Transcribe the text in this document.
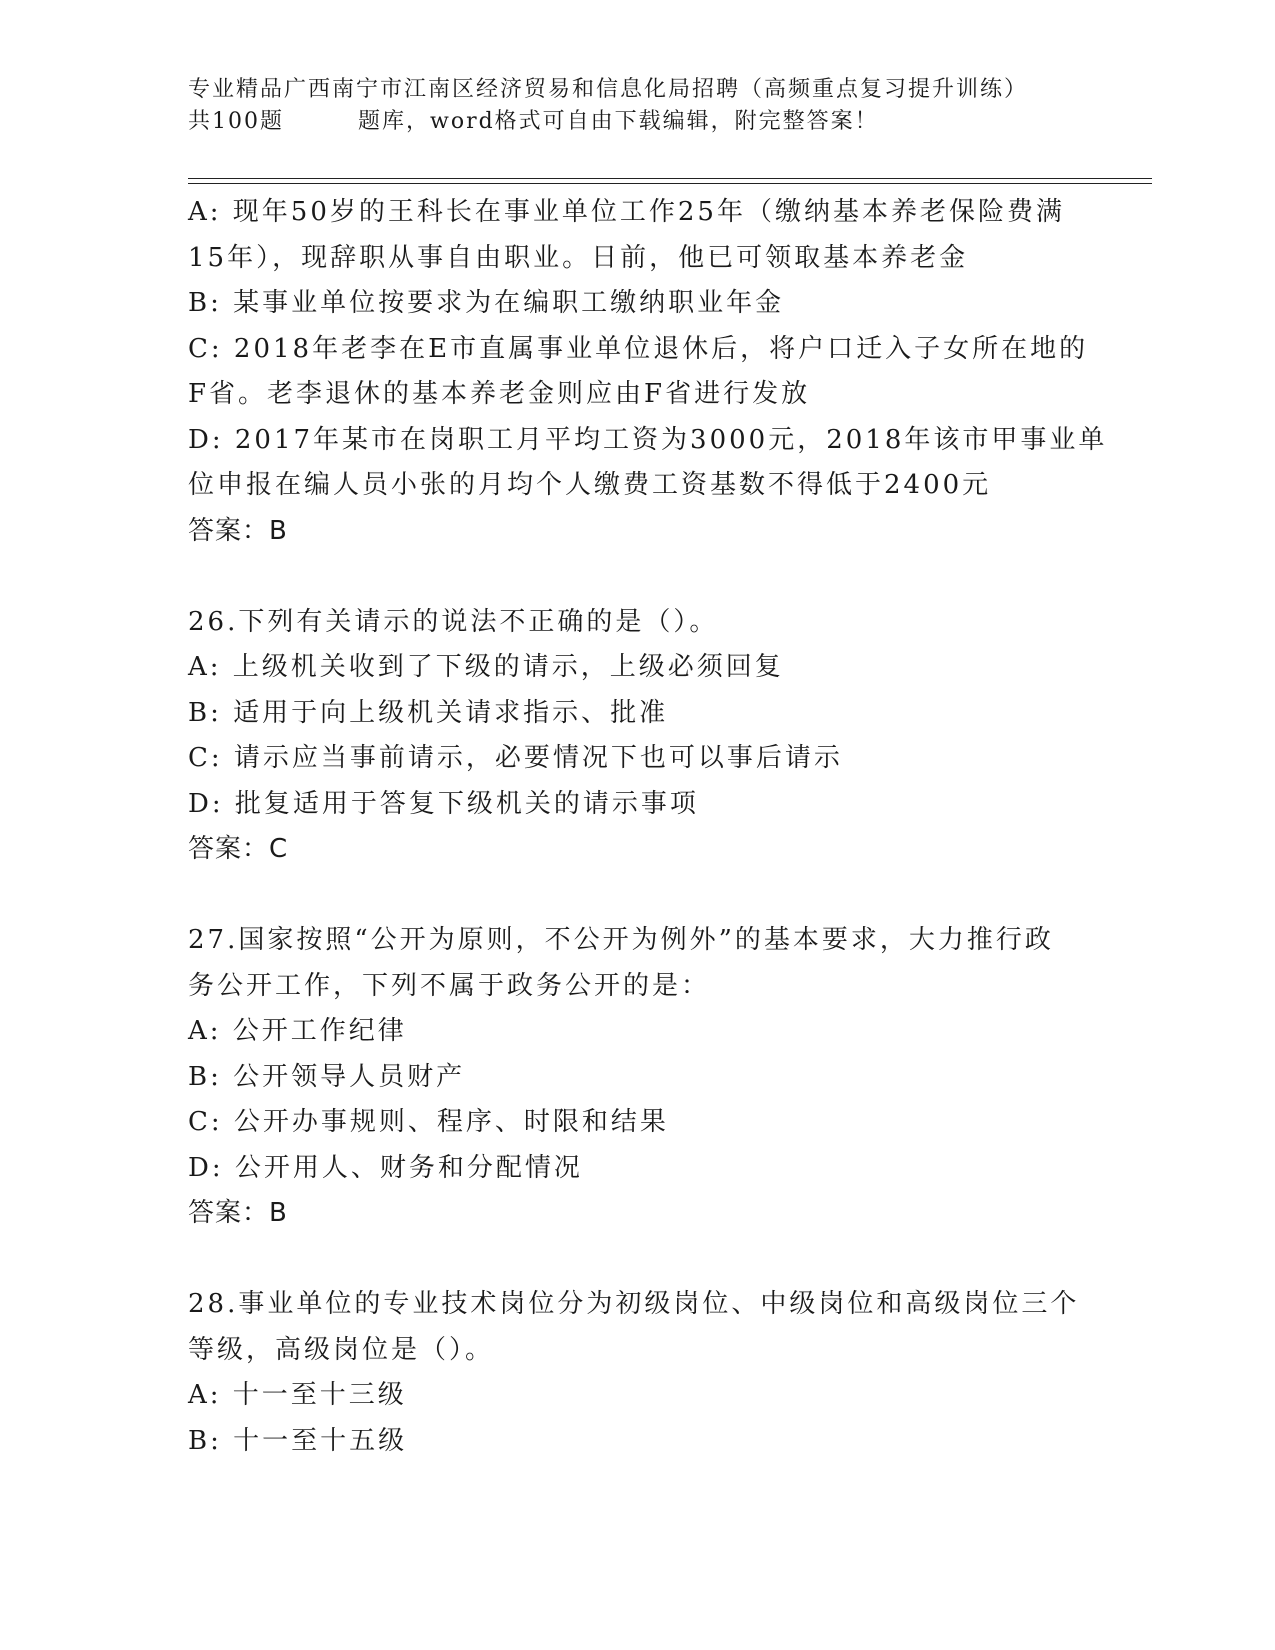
专业精品广西南宁市江南区经济贸易和信息化局招聘（高频重点复习提升训练）
共100题	题库，word格式可自由下载编辑，附完整答案！
A: 现年50岁的王科长在事业单位工作25年（缴纳基本养老保险费满
15年），现辞职从事自由职业。日前，他已可领取基本养老金
B: 某事业单位按要求为在编职工缴纳职业年金
C: 2018年老李在E市直属事业单位退休后，将户口迁入子女所在地的
F省。老李退休的基本养老金则应由F省进行发放
D: 2017年某市在岗职工月平均工资为3000元，2018年该市甲事业单
位申报在编人员小张的月均个人缴费工资基数不得低于2400元
答案：B
26.下列有关请示的说法不正确的是（）。
A: 上级机关收到了下级的请示，上级必须回复
B: 适用于向上级机关请求指示、批准
C: 请示应当事前请示，必要情况下也可以事后请示
D: 批复适用于答复下级机关的请示事项
答案：C
27.国家按照“公开为原则，不公开为例外”的基本要求，大力推行政
务公开工作，下列不属于政务公开的是：
A: 公开工作纪律
B: 公开领导人员财产
C: 公开办事规则、程序、时限和结果
D: 公开用人、财务和分配情况
答案：B
28.事业单位的专业技术岗位分为初级岗位、中级岗位和高级岗位三个
等级，高级岗位是（）。
A: 十一至十三级
B: 十一至十五级
